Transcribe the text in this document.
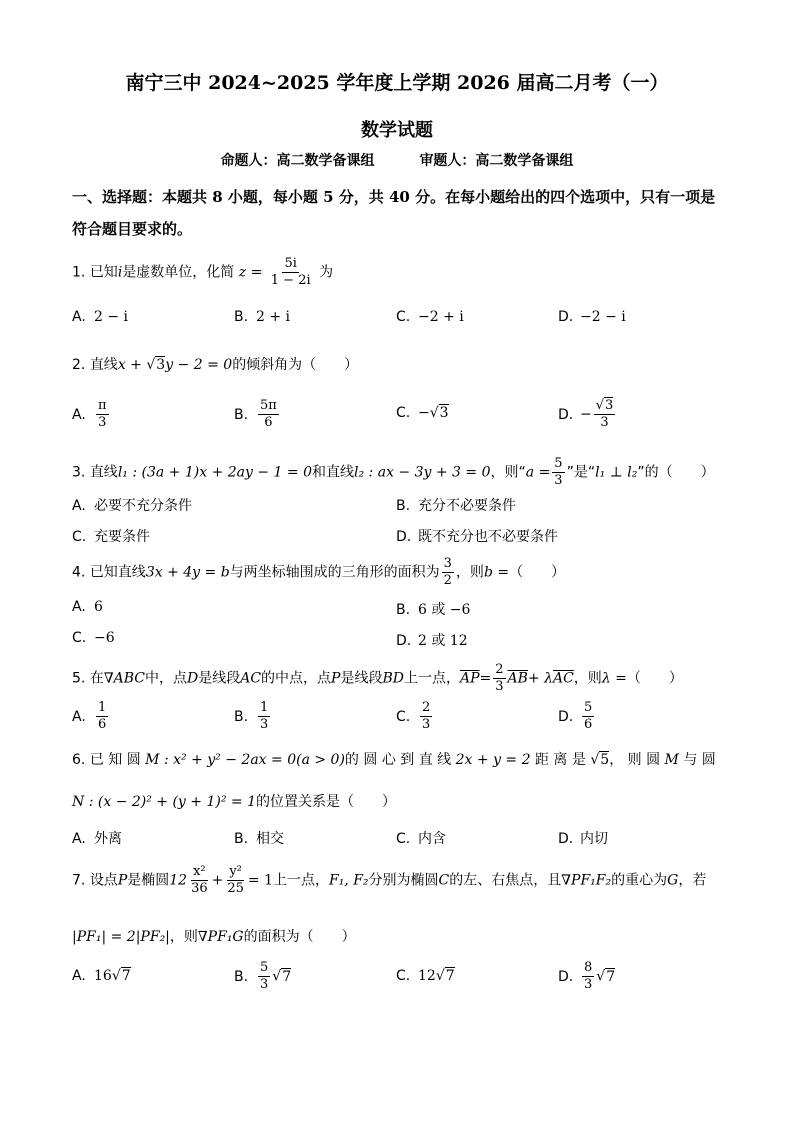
南宁三中 2024~2025 学年度上学期 2026 届高二月考（一）
数学试题
命题人：高二数学备课组	审题人：高二数学备课组
一、选择题：本题共 8 小题，每小题 5 分，共 40 分。在每小题给出的四个选项中，只有一项是符合题目要求的。
1. 已知i是虚数单位，化简 $z = \frac{5i}{1 - 2i}$ 为
A. 2 − i	B. 2 + i	C. −2 + i	D. −2 − i
2. 直线x + √3y − 2 = 0的倾斜角为（　　）
A. $\frac{\pi}{3}$	B. $\frac{5\pi}{6}$	C. −√3	D. − $\frac{√3}{3}$
3. 直线l₁ : (3a + 1)x + 2ay − 1 = 0和直线l₂ : ax − 3y + 3 = 0，则“$a = \frac{5}{3}$ ”是“l₁ ⊥ l₂”的（　　）
A. 必要不充分条件	B. 充分不必要条件
C. 充要条件	D. 既不充分也不必要条件
4. 已知直线3x + 4y = b与两坐标轴围成的三角形的面积为 $\frac{3}{2}$ ，则b =（　　）
A. 6	B. 6 或 −6
C. −6	D. 2 或 12
5. 在∇ABC中，点D是线段AC的中点，点P是线段BD上一点，$\overline{AP}= \frac{2}{3} \overline{AB}+ \lambda\overline{AC}$，则λ =（　　）
A. $\frac{1}{6}$	B. $\frac{1}{3}$	C. $\frac{2}{3}$	D. $\frac{5}{6}$
6. 已 知 圆 M : x² + y² − 2ax = 0(a > 0)的 圆 心 到 直 线 2x + y = 2 距 离 是 √5， 则 圆 M 与 圆
N : (x − 2)² + (y + 1)² = 1的位置关系是（　　）
A. 外离	B. 相交	C. 内含	D. 内切
7. 设点P是椭圆$12 \frac{\text{x²}}{36} + \frac{\text{y²}}{25} = 1$上一点，F₁, F₂分别为椭圆C的左、右焦点，且∇PF₁F₂的重心为G，若
|PF₁| = 2|PF₂|，则∇PF₁G的面积为（　　）
A. 16√7	B. $\frac{5}{3} √7$	C. 12√7	D. $\frac{8}{3} √7$
